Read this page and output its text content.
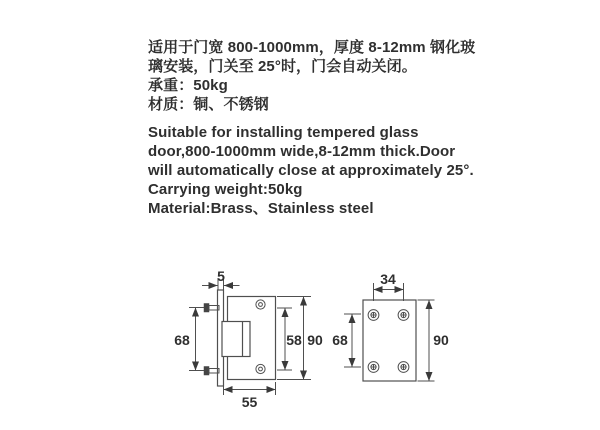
适用于门宽 800-1000mm，厚度 8-12mm 钢化玻
璃安装，门关至 25°时，门会自动关闭。
承重：50kg
材质：铜、不锈钢
Suitable for installing tempered glass
door,800-1000mm wide,8-12mm thick.Door
will automatically close at approximately 25°.
Carrying weight:50kg
Material:Brass、Stainless steel
5
68	58 90
55
34
68	90
